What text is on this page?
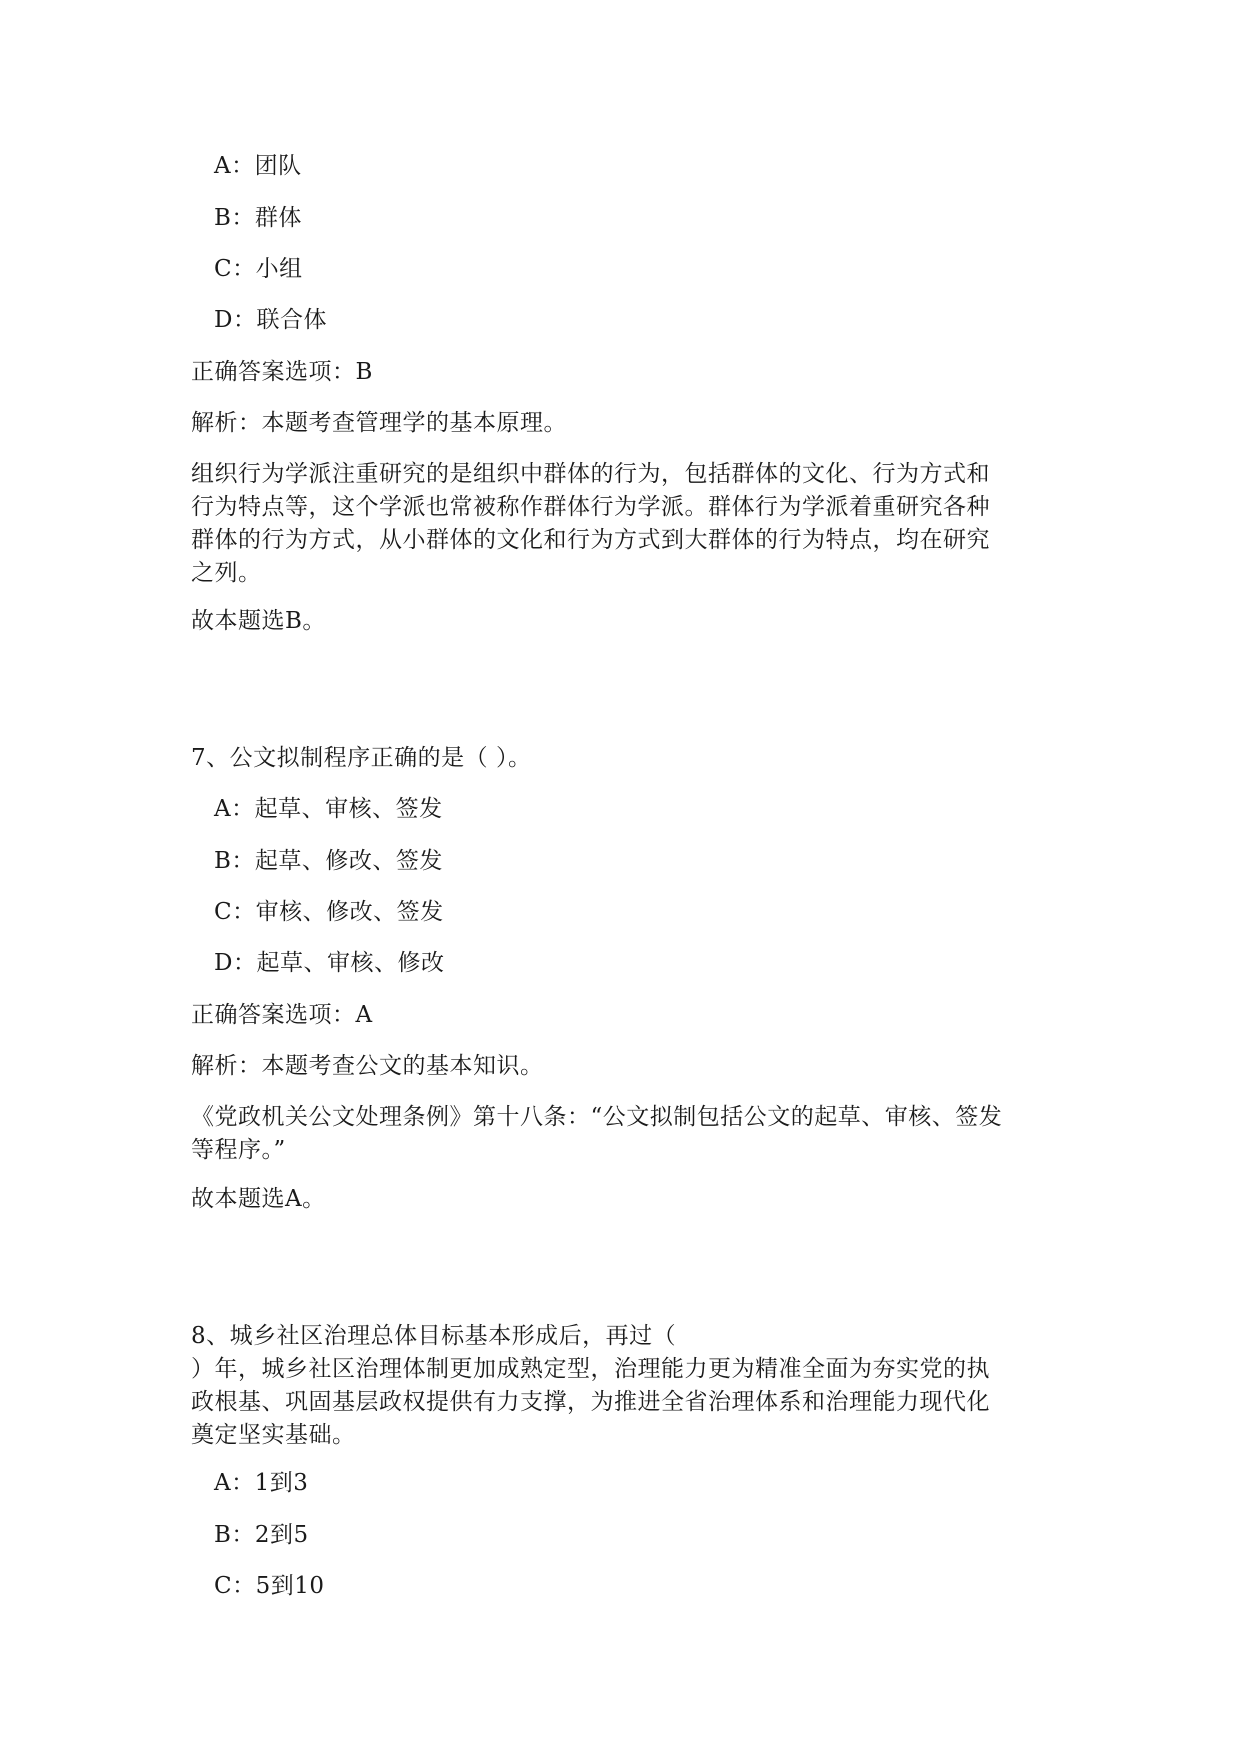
A：团队
B：群体
C：小组
D：联合体
正确答案选项：B
解析：本题考查管理学的基本原理。
组织行为学派注重研究的是组织中群体的行为，包括群体的文化、行为方式和
行为特点等，这个学派也常被称作群体行为学派。群体行为学派着重研究各种
群体的行为方式，从小群体的文化和行为方式到大群体的行为特点，均在研究
之列。
故本题选B。
7、公文拟制程序正确的是（ ）。
A：起草、审核、签发
B：起草、修改、签发
C：审核、修改、签发
D：起草、审核、修改
正确答案选项：A
解析：本题考查公文的基本知识。
《党政机关公文处理条例》第十八条：“公文拟制包括公文的起草、审核、签发
等程序。”
故本题选A。
8、城乡社区治理总体目标基本形成后，再过（
）年，城乡社区治理体制更加成熟定型，治理能力更为精准全面为夯实党的执
政根基、巩固基层政权提供有力支撑，为推进全省治理体系和治理能力现代化
奠定坚实基础。
A：1到3
B：2到5
C：5到10
